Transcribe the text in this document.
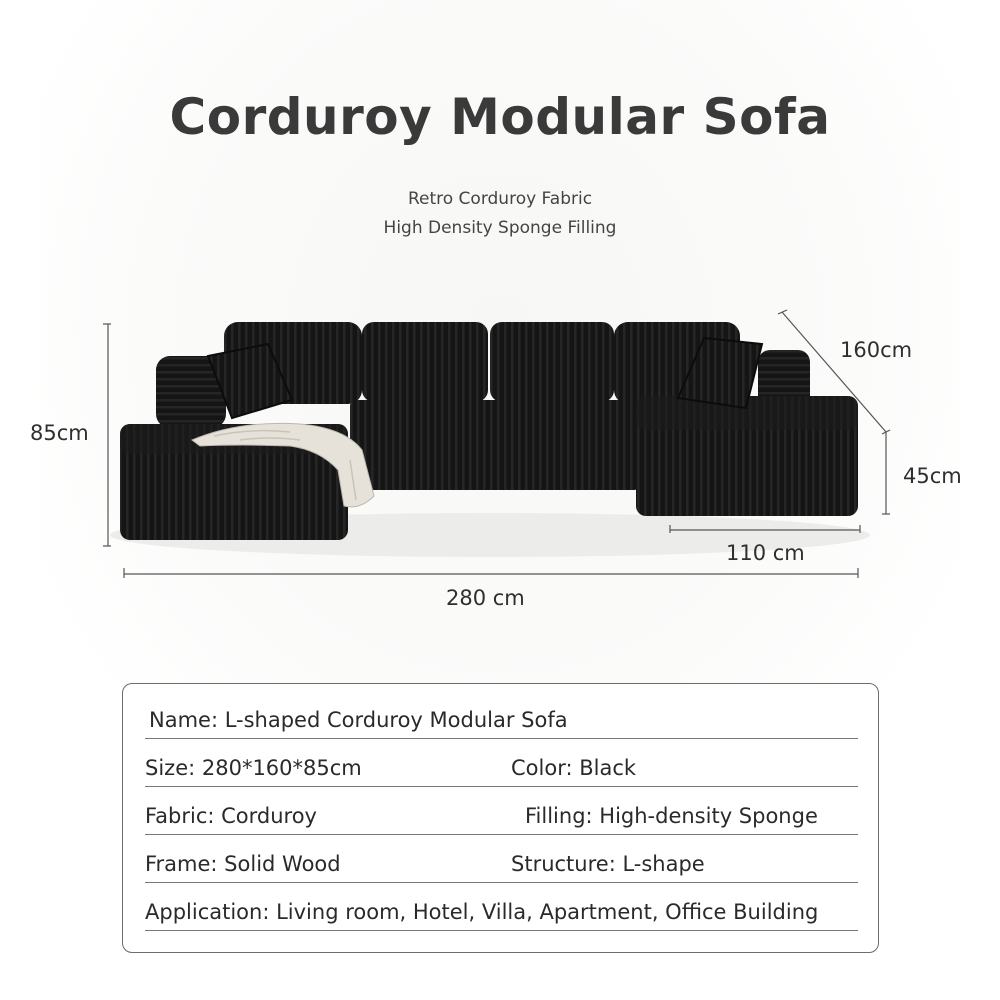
Corduroy Modular Sofa
Retro Corduroy Fabric
High Density Sponge Filling
85cm
160cm
45cm
110 cm
280 cm
Name: L-shaped Corduroy Modular Sofa
Size: 280*160*85cm	Color: Black
Fabric: Corduroy	Filling: High-density Sponge
Frame: Solid Wood	Structure: L-shape
Application: Living room, Hotel, Villa, Apartment, Office Building
